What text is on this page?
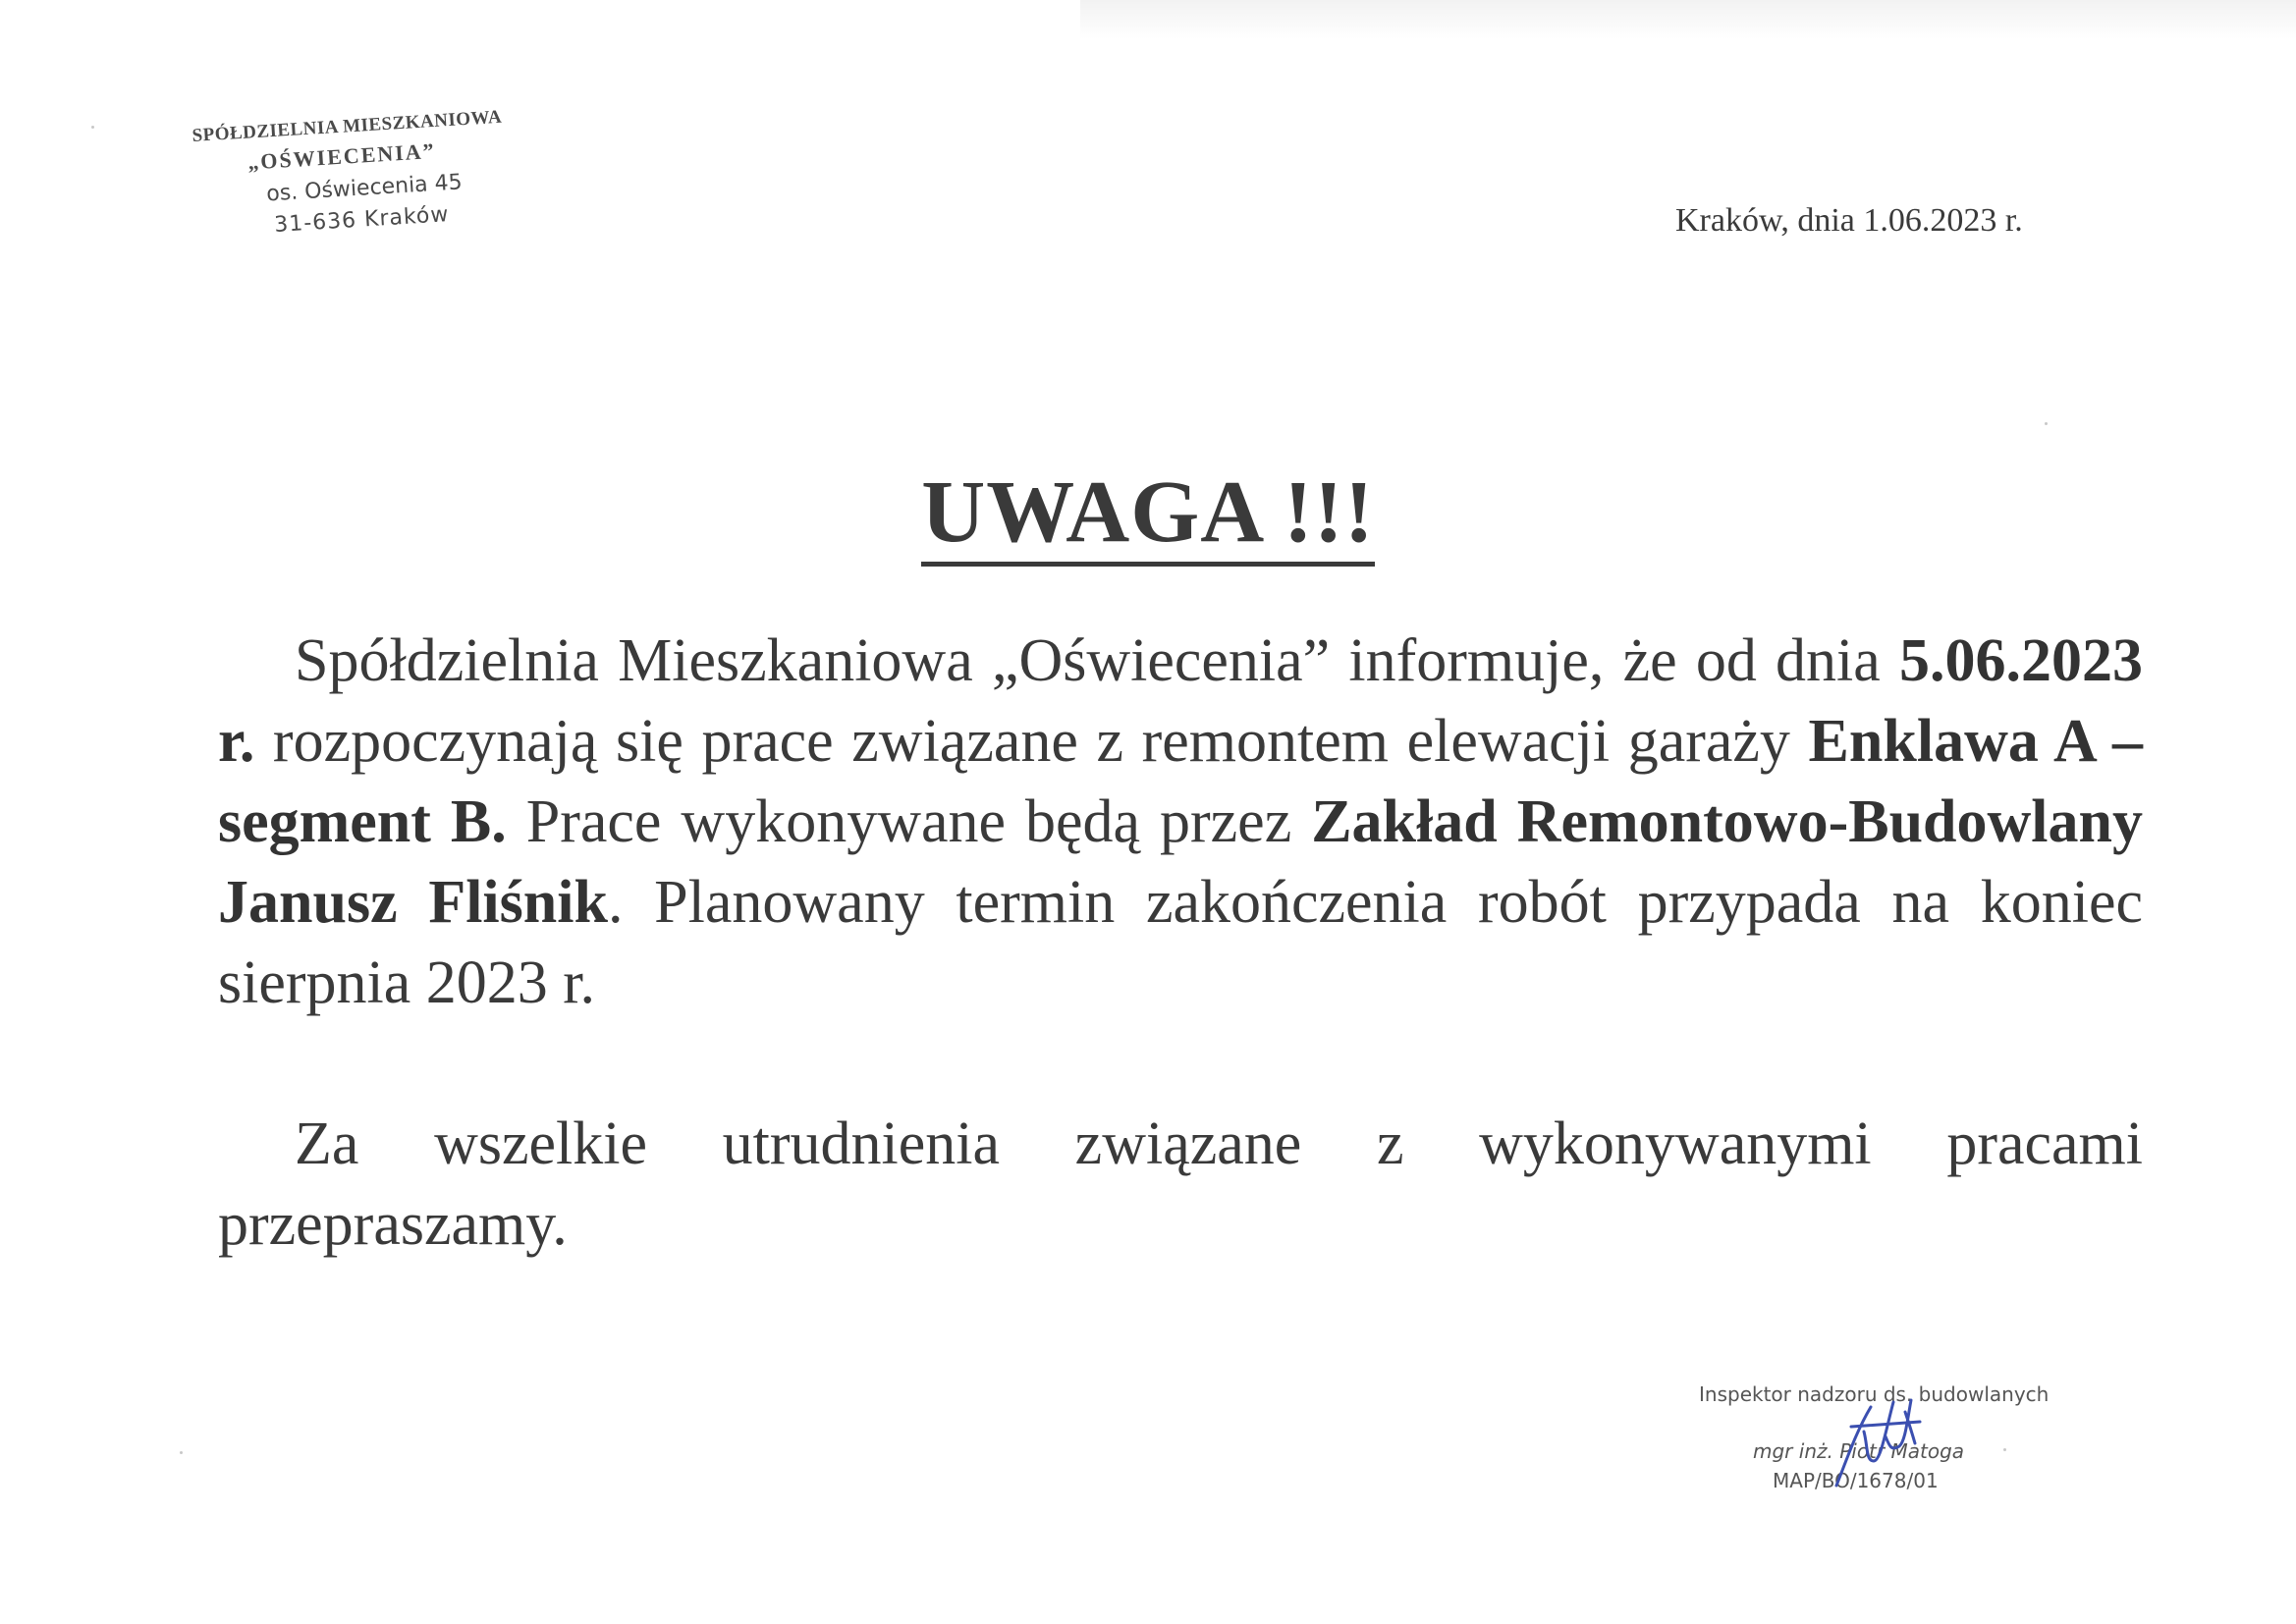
SPÓŁDZIELNIA MIESZKANIOWA
„OŚWIECENIA”
os. Oświecenia 45
31-636 Kraków	Kraków, dnia 1.06.2023 r.
UWAGA !!!

Spółdzielnia Mieszkaniowa „Oświecenia” informuje, że od dnia 5.06.2023 r. rozpoczynają się prace związane z remontem elewacji garaży Enklawa A – segment B. Prace wykonywane będą przez Zakład Remontowo-Budowlany Janusz Fliśnik. Planowany termin zakończenia robót przypada na koniec sierpnia 2023 r.

Za wszelkie utrudnienia związane z wykonywanymi pracami przepraszamy.

Inspektor nadzoru ds. budowlanych
mgr inż. Piotr Matoga
MAP/BO/1678/01
